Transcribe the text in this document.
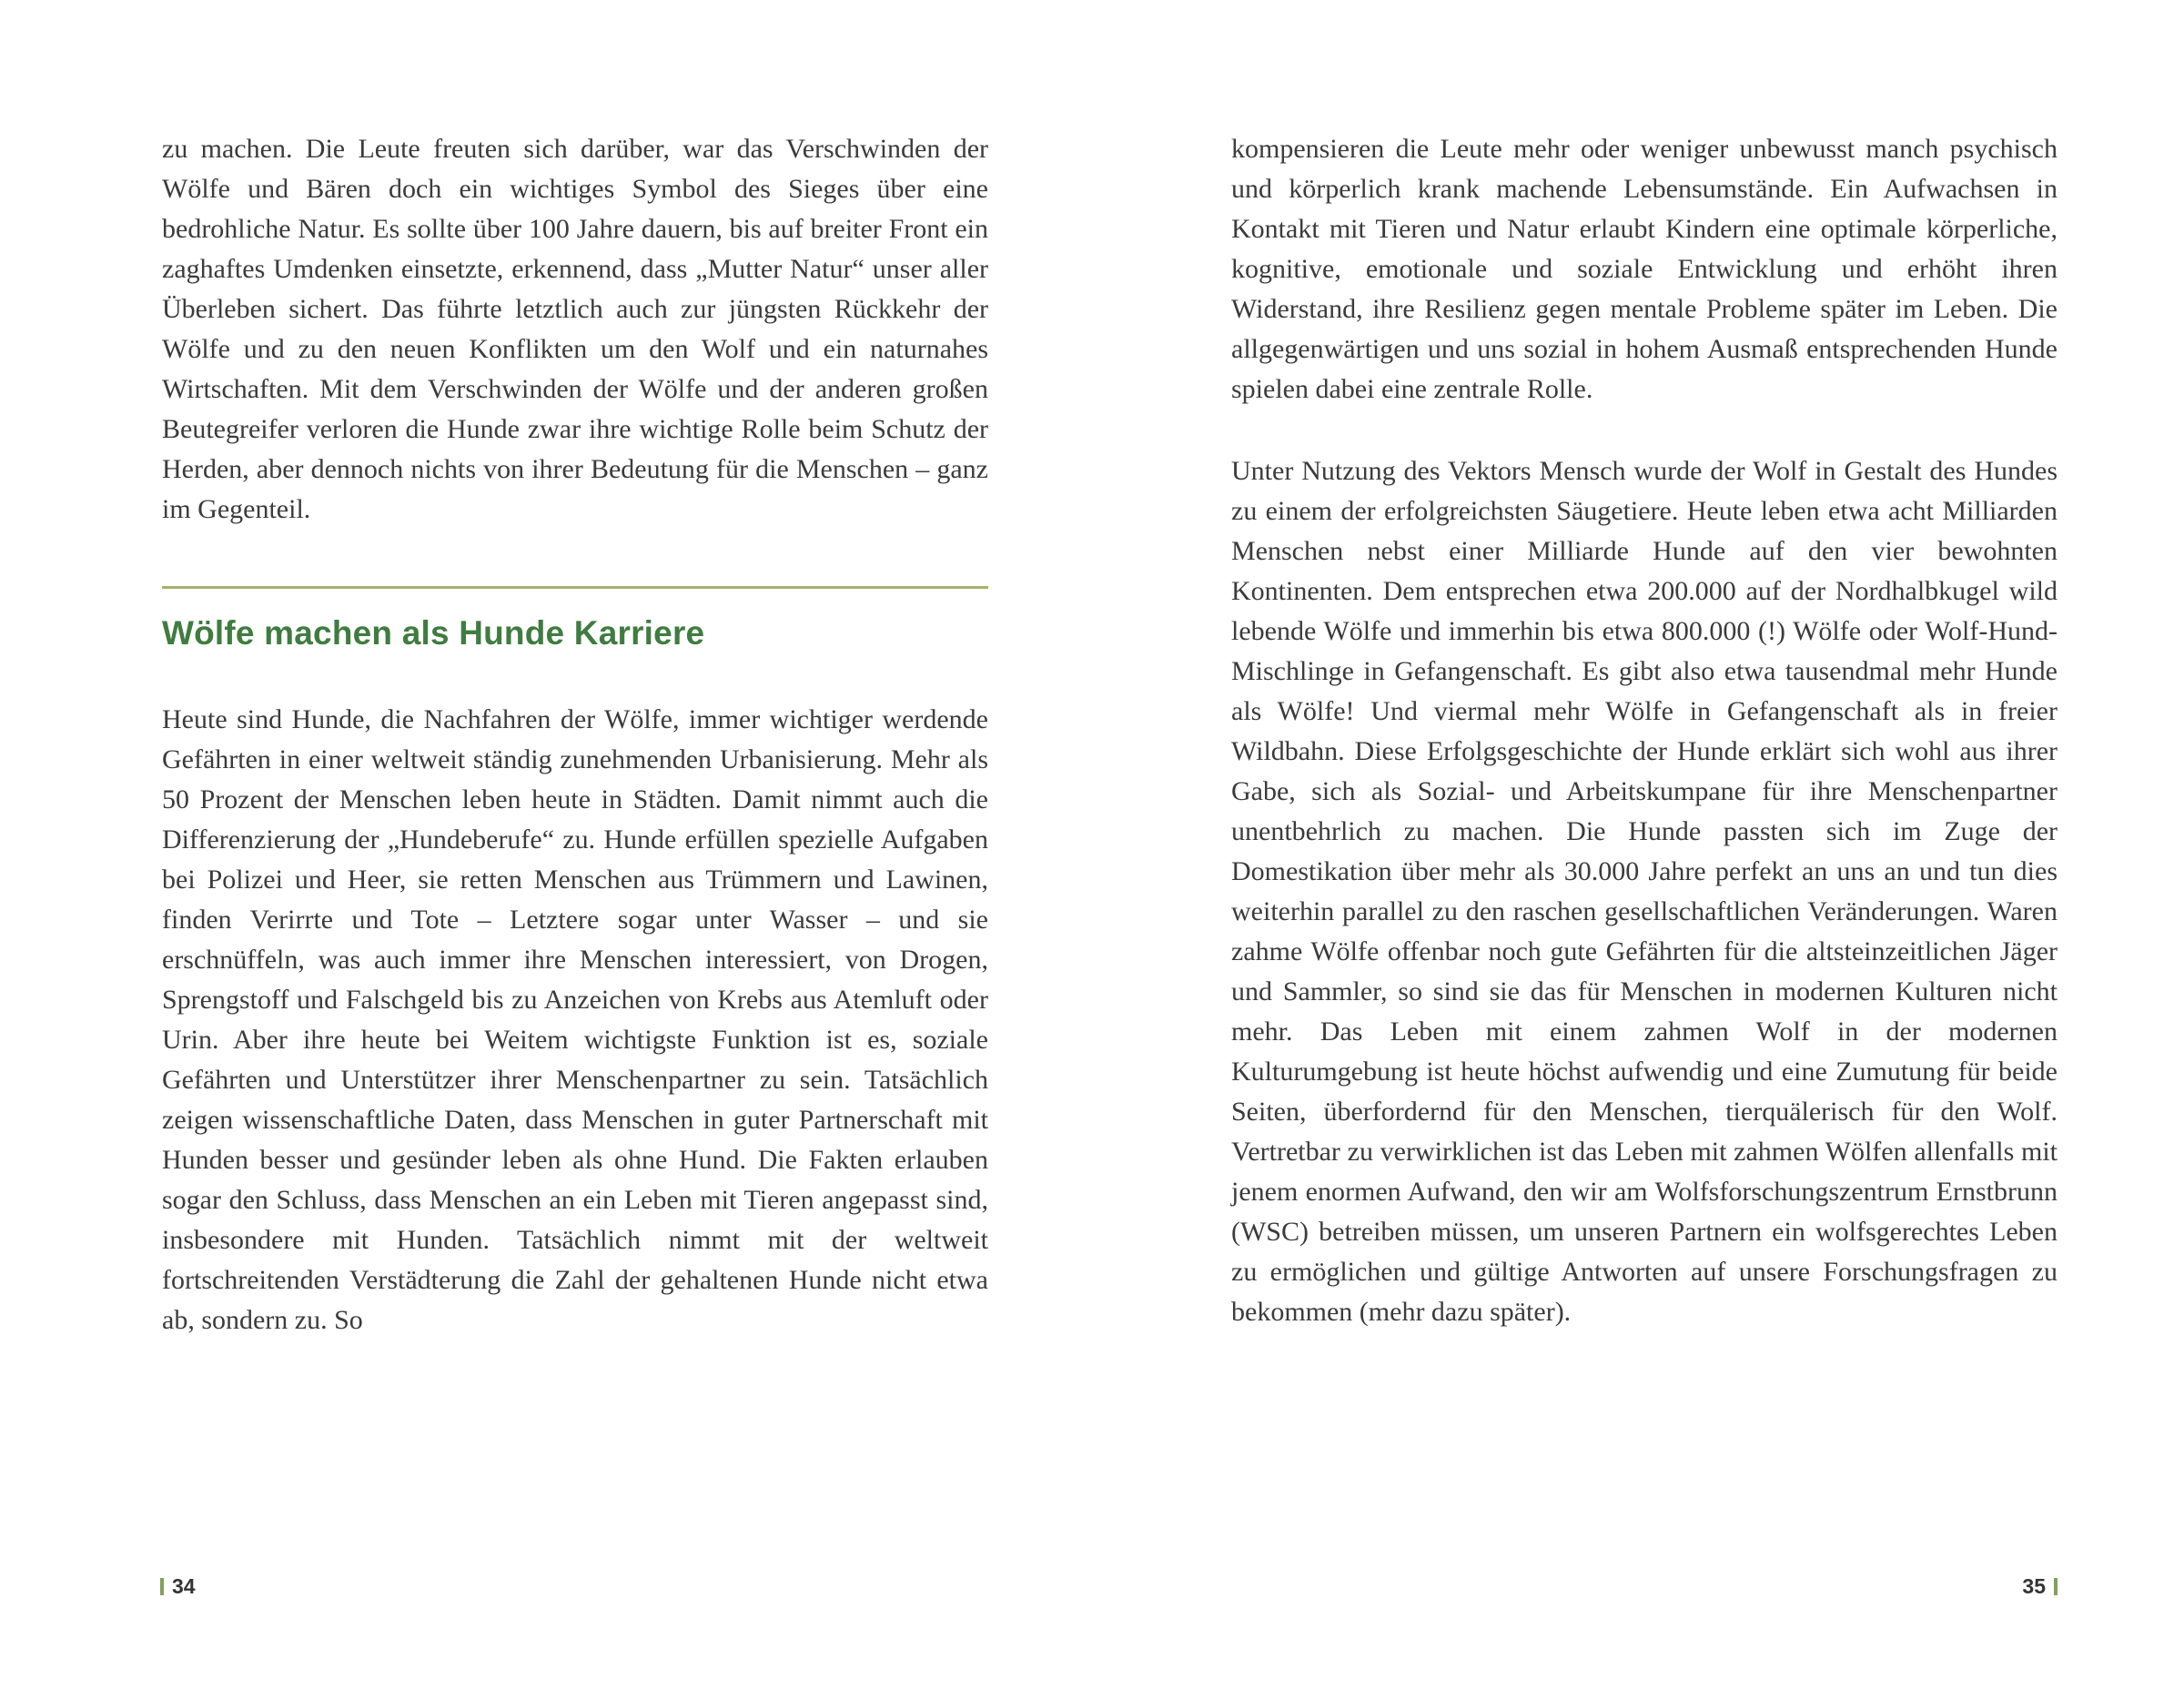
zu machen. Die Leute freuten sich darüber, war das Verschwinden der Wölfe und Bären doch ein wichtiges Symbol des Sieges über eine bedrohliche Natur. Es sollte über 100 Jahre dauern, bis auf breiter Front ein zaghaftes Umdenken einsetzte, erkennend, dass „Mutter Natur“ unser aller Überleben sichert. Das führte letztlich auch zur jüngsten Rückkehr der Wölfe und zu den neuen Konflikten um den Wolf und ein naturnahes Wirtschaften. Mit dem Verschwinden der Wölfe und der anderen großen Beutegreifer verloren die Hunde zwar ihre wichtige Rolle beim Schutz der Herden, aber dennoch nichts von ihrer Bedeutung für die Menschen – ganz im Gegenteil.

Wölfe machen als Hunde Karriere

Heute sind Hunde, die Nachfahren der Wölfe, immer wichtiger werdende Gefährten in einer weltweit ständig zunehmenden Urbanisierung. Mehr als 50 Prozent der Menschen leben heute in Städten. Damit nimmt auch die Differenzierung der „Hundeberufe“ zu. Hunde erfüllen spezielle Aufgaben bei Polizei und Heer, sie retten Menschen aus Trümmern und Lawinen, finden Verirrte und Tote – Letztere sogar unter Wasser – und sie erschnüffeln, was auch immer ihre Menschen interessiert, von Drogen, Sprengstoff und Falschgeld bis zu Anzeichen von Krebs aus Atemluft oder Urin. Aber ihre heute bei Weitem wichtigste Funktion ist es, soziale Gefährten und Unterstützer ihrer Menschenpartner zu sein. Tatsächlich zeigen wissenschaftliche Daten, dass Menschen in guter Partnerschaft mit Hunden besser und gesünder leben als ohne Hund. Die Fakten erlauben sogar den Schluss, dass Menschen an ein Leben mit Tieren angepasst sind, insbesondere mit Hunden. Tatsächlich nimmt mit der weltweit fortschreitenden Verstädterung die Zahl der gehaltenen Hunde nicht etwa ab, sondern zu. So

kompensieren die Leute mehr oder weniger unbewusst manch psychisch und körperlich krank machende Lebensumstände. Ein Aufwachsen in Kontakt mit Tieren und Natur erlaubt Kindern eine optimale körperliche, kognitive, emotionale und soziale Entwicklung und erhöht ihren Widerstand, ihre Resilienz gegen mentale Probleme später im Leben. Die allgegenwärtigen und uns sozial in hohem Ausmaß entsprechenden Hunde spielen dabei eine zentrale Rolle.

Unter Nutzung des Vektors Mensch wurde der Wolf in Gestalt des Hundes zu einem der erfolgreichsten Säugetiere. Heute leben etwa acht Milliarden Menschen nebst einer Milliarde Hunde auf den vier bewohnten Kontinenten. Dem entsprechen etwa 200.000 auf der Nordhalbkugel wild lebende Wölfe und immerhin bis etwa 800.000 (!) Wölfe oder Wolf-Hund-Mischlinge in Gefangenschaft. Es gibt also etwa tausendmal mehr Hunde als Wölfe! Und viermal mehr Wölfe in Gefangenschaft als in freier Wildbahn. Diese Erfolgsgeschichte der Hunde erklärt sich wohl aus ihrer Gabe, sich als Sozial- und Arbeitskumpane für ihre Menschenpartner unentbehrlich zu machen. Die Hunde passten sich im Zuge der Domestikation über mehr als 30.000 Jahre perfekt an uns an und tun dies weiterhin parallel zu den raschen gesellschaftlichen Veränderungen. Waren zahme Wölfe offenbar noch gute Gefährten für die altsteinzeitlichen Jäger und Sammler, so sind sie das für Menschen in modernen Kulturen nicht mehr. Das Leben mit einem zahmen Wolf in der modernen Kulturumgebung ist heute höchst aufwendig und eine Zumutung für beide Seiten, überfordernd für den Menschen, tierquälerisch für den Wolf. Vertretbar zu verwirklichen ist das Leben mit zahmen Wölfen allenfalls mit jenem enormen Aufwand, den wir am Wolfsforschungszentrum Ernstbrunn (WSC) betreiben müssen, um unseren Partnern ein wolfsgerechtes Leben zu ermöglichen und gültige Antworten auf unsere Forschungsfragen zu bekommen (mehr dazu später).

34	35
